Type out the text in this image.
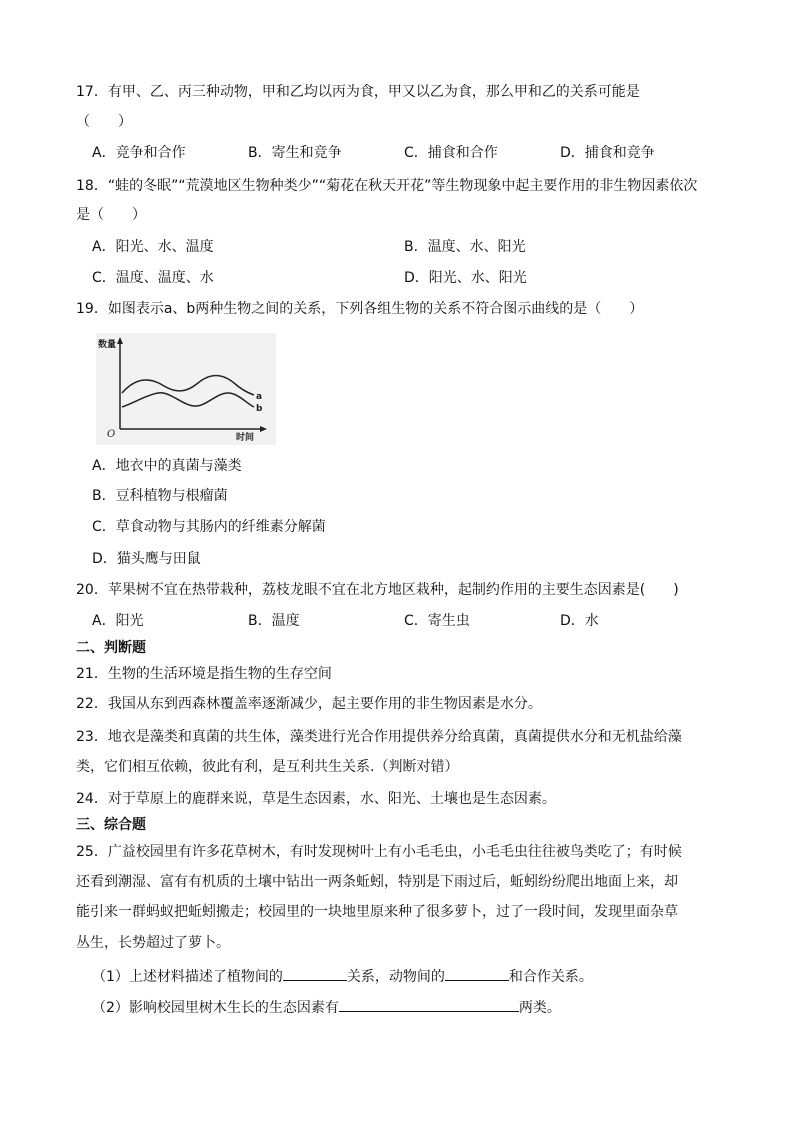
17．有甲、乙、丙三种动物，甲和乙均以丙为食，甲又以乙为食，那么甲和乙的关系可能是
（　　）
A．竞争和合作	B．寄生和竞争	C．捕食和合作	D．捕食和竞争
18．“蛙的冬眠”“荒漠地区生物种类少”“菊花在秋天开花”等生物现象中起主要作用的非生物因素依次
是（　　）
A．阳光、水、温度	B．温度、水、阳光
C．温度、温度、水	D．阳光、水、阳光
19．如图表示a、b两种生物之间的关系，下列各组生物的关系不符合图示曲线的是（　　）
数量
时间
O
a
b
A．地衣中的真菌与藻类
B．豆科植物与根瘤菌
C．草食动物与其肠内的纤维素分解菌
D．猫头鹰与田鼠
20．苹果树不宜在热带栽种，荔枝龙眼不宜在北方地区栽种，起制约作用的主要生态因素是(　　)
A．阳光	B．温度	C．寄生虫	D．水
二、判断题
21．生物的生活环境是指生物的生存空间
22．我国从东到西森林覆盖率逐渐减少，起主要作用的非生物因素是水分。
23．地衣是藻类和真菌的共生体，藻类进行光合作用提供养分给真菌，真菌提供水分和无机盐给藻
类，它们相互依赖，彼此有利，是互利共生关系.（判断对错）
24．对于草原上的鹿群来说，草是生态因素，水、阳光、土壤也是生态因素。
三、综合题
25．广益校园里有许多花草树木，有时发现树叶上有小毛毛虫，小毛毛虫往往被鸟类吃了；有时候
还看到潮湿、富有有机质的土壤中钻出一两条蚯蚓，特别是下雨过后，蚯蚓纷纷爬出地面上来，却
能引来一群蚂蚁把蚯蚓搬走；校园里的一块地里原来种了很多萝卜，过了一段时间，发现里面杂草
丛生，长势超过了萝卜。
（1）上述材料描述了植物间的	关系，动物间的	和合作关系。
（2）影响校园里树木生长的生态因素有	两类。
